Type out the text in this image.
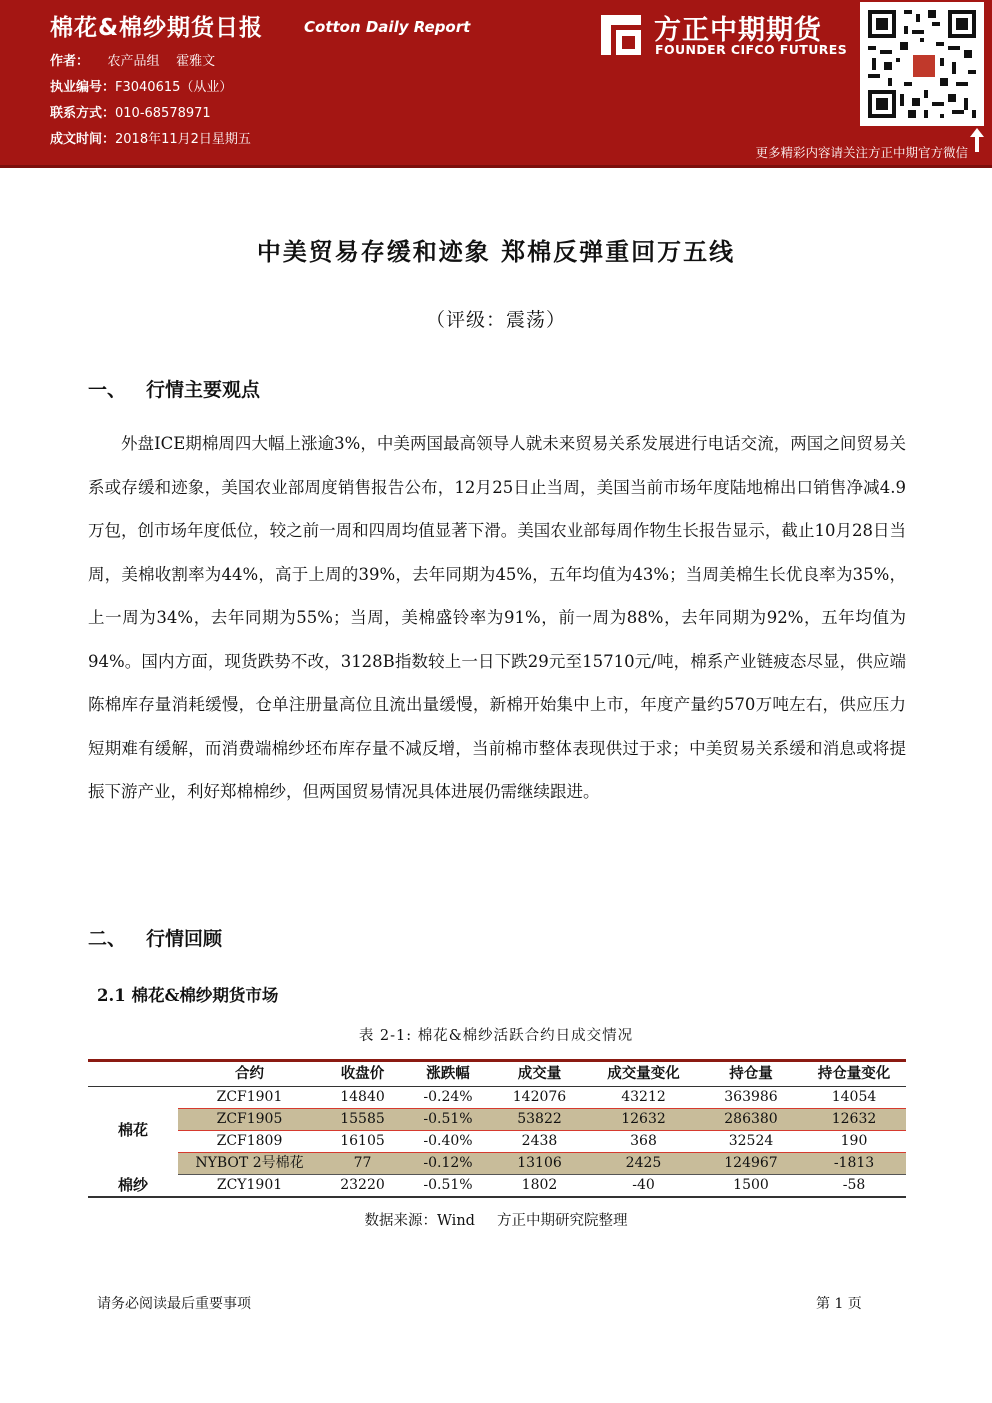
棉花&棉纱期货日报	Cotton Daily Report
作者： 农产品组 霍雅文
执业编号：F3040615（从业）
联系方式：010-68578971
成文时间：2018年11月2日星期五
方正中期期货
FOUNDER CIFCO FUTURES
更多精彩内容请关注方正中期官方微信
中美贸易存缓和迹象 郑棉反弹重回万五线
（评级：震荡）
一、 行情主要观点
外盘ICE期棉周四大幅上涨逾3%，中美两国最高领导人就未来贸易关系发展进行电话交流，两国之间贸易关系或存缓和迹象，美国农业部周度销售报告公布，12月25日止当周，美国当前市场年度陆地棉出口销售净减4.9万包，创市场年度低位，较之前一周和四周均值显著下滑。美国农业部每周作物生长报告显示，截止10月28日当周，美棉收割率为44%，高于上周的39%，去年同期为45%，五年均值为43%；当周美棉生长优良率为35%，上一周为34%，去年同期为55%；当周，美棉盛铃率为91%，前一周为88%，去年同期为92%，五年均值为94%。国内方面，现货跌势不改，3128B指数较上一日下跌29元至15710元/吨，棉系产业链疲态尽显，供应端陈棉库存量消耗缓慢，仓单注册量高位且流出量缓慢，新棉开始集中上市，年度产量约570万吨左右，供应压力短期难有缓解，而消费端棉纱坯布库存量不减反增，当前棉市整体表现供过于求；中美贸易关系缓和消息或将提振下游产业，利好郑棉棉纱，但两国贸易情况具体进展仍需继续跟进。
二、 行情回顾
2.1 棉花&棉纱期货市场
表 2-1: 棉花&棉纱活跃合约日成交情况
	合约	收盘价	涨跌幅	成交量	成交量变化	持仓量	持仓量变化
棉花	ZCF1901	14840	-0.24%	142076	43212	363986	14054
	ZCF1905	15585	-0.51%	53822	12632	286380	12632
	ZCF1809	16105	-0.40%	2438	368	32524	190
	NYBOT 2号棉花	77	-0.12%	13106	2425	124967	-1813
棉纱	ZCY1901	23220	-0.51%	1802	-40	1500	-58
数据来源：Wind 方正中期研究院整理
请务必阅读最后重要事项	第 1 页
